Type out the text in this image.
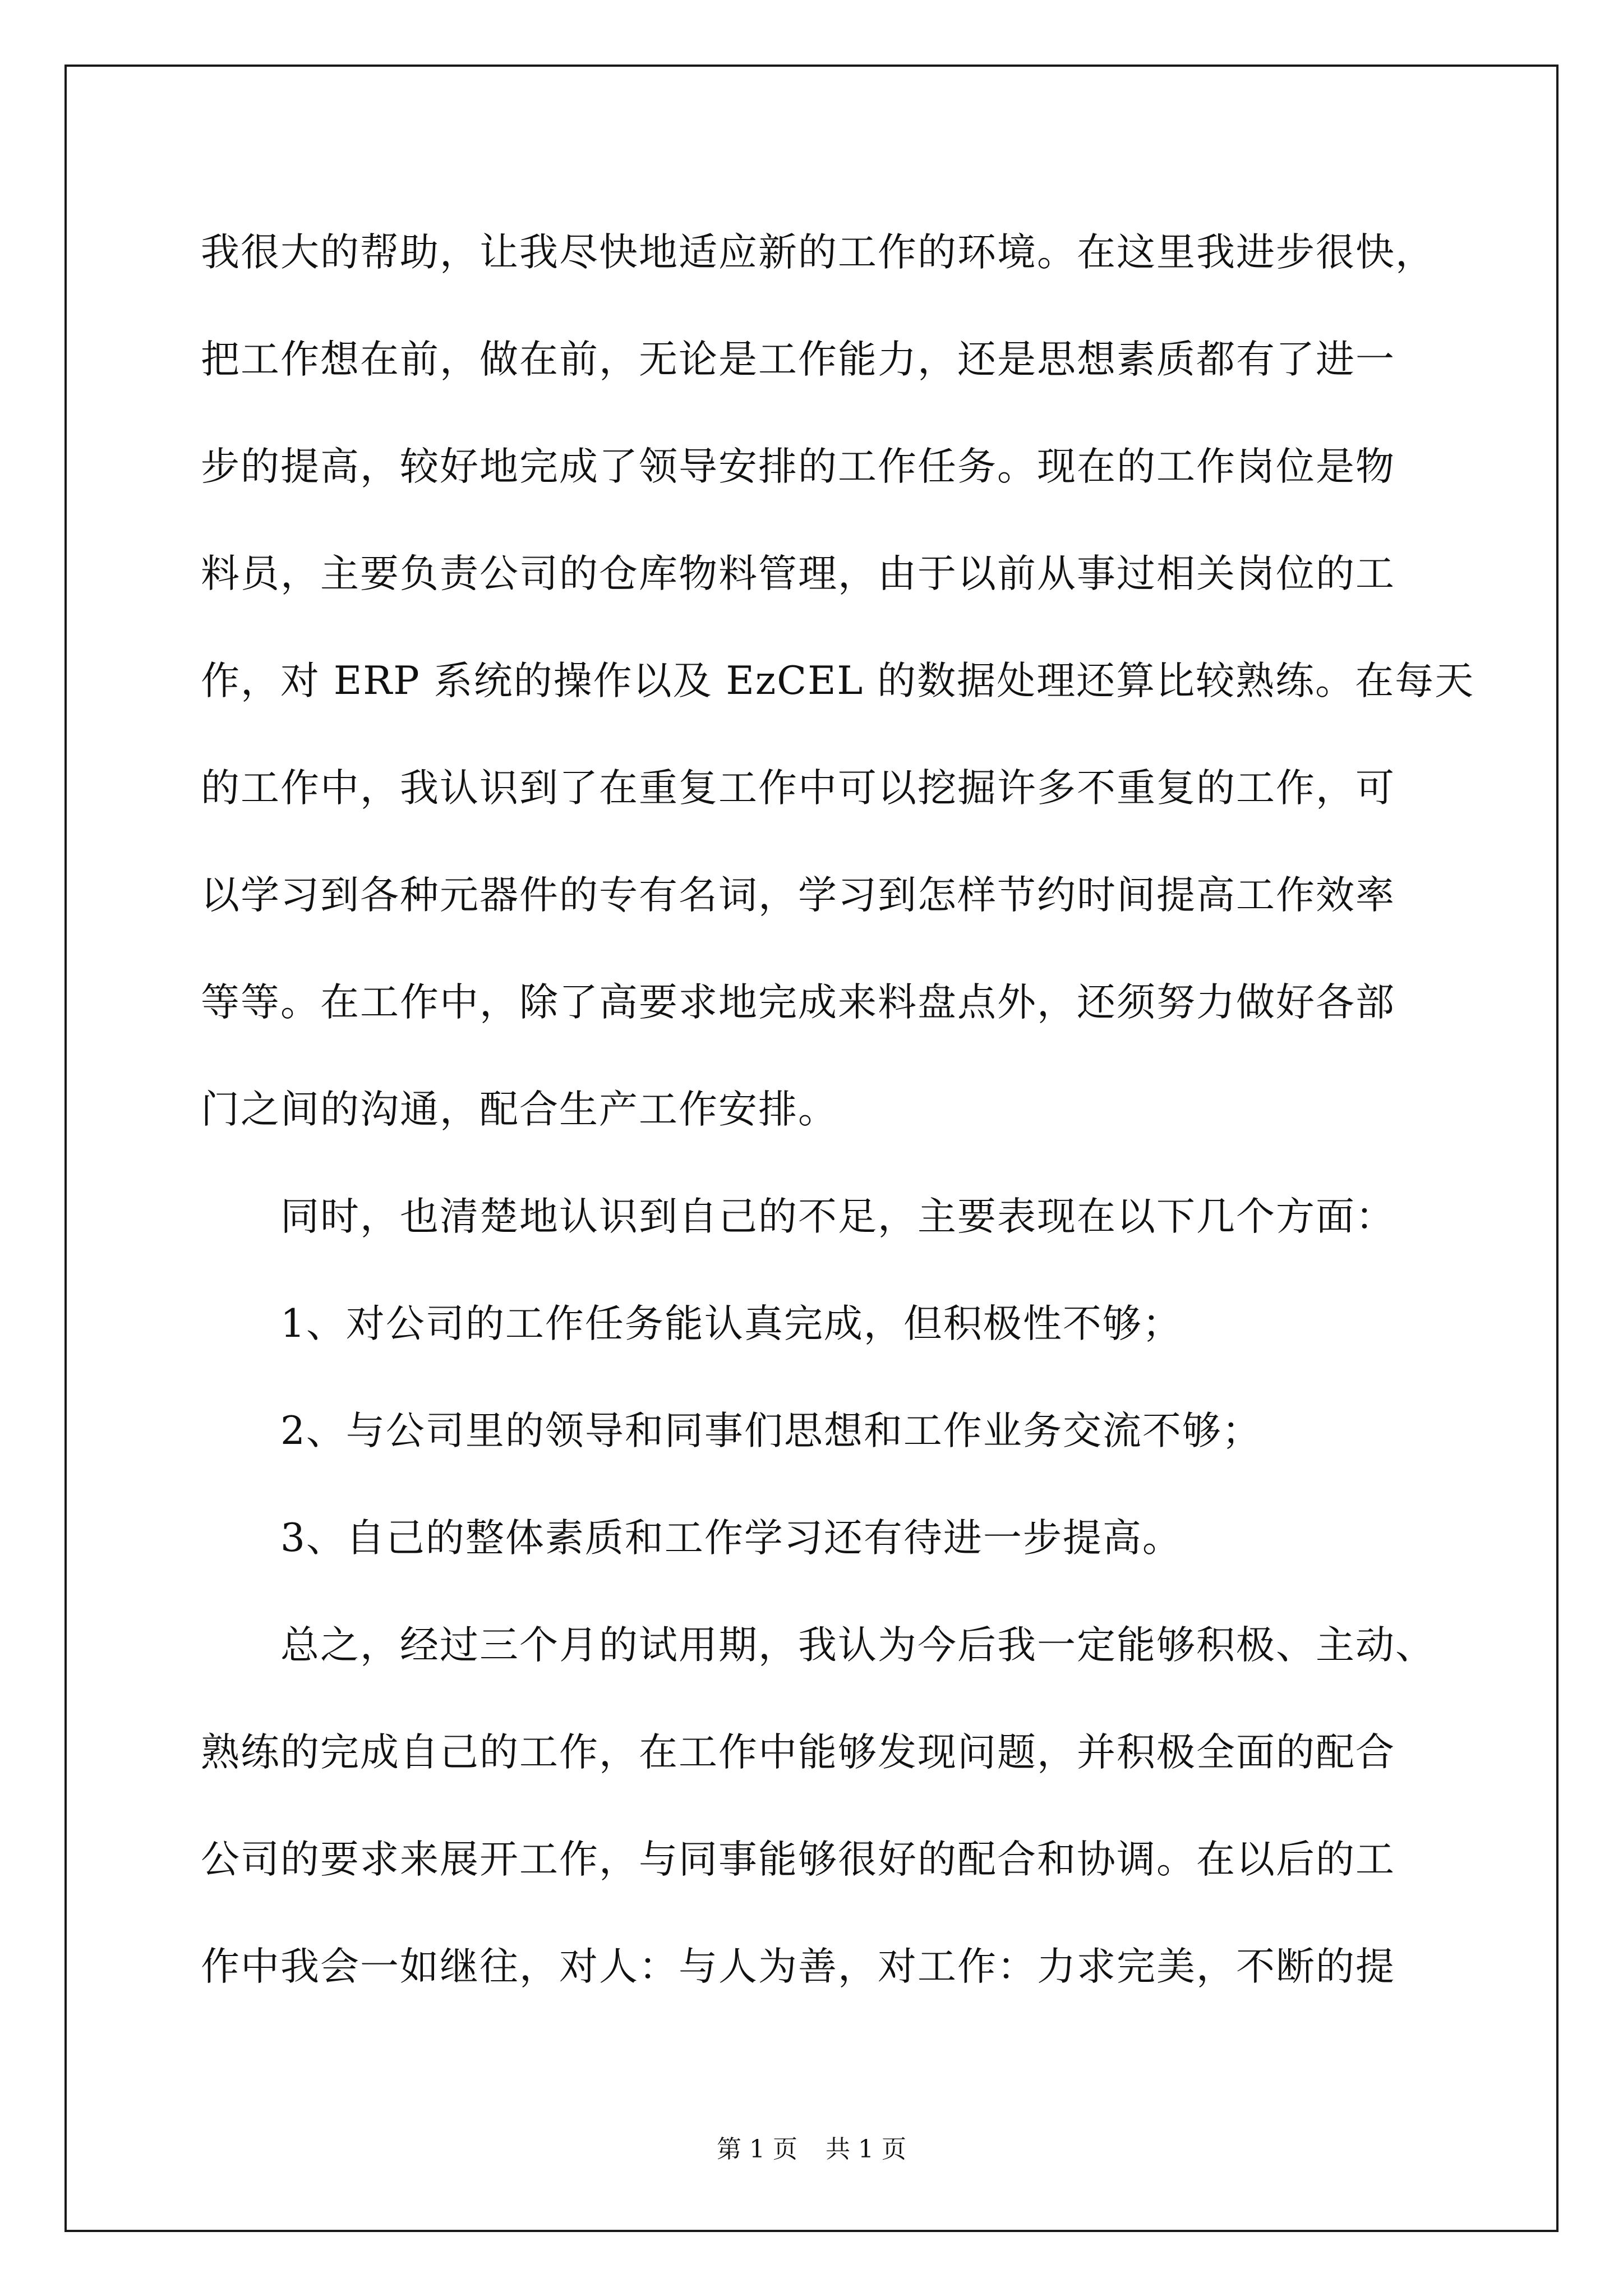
我很大的帮助，让我尽快地适应新的工作的环境。在这里我进步很快，
把工作想在前，做在前，无论是工作能力，还是思想素质都有了进一
步的提高，较好地完成了领导安排的工作任务。现在的工作岗位是物
料员，主要负责公司的仓库物料管理，由于以前从事过相关岗位的工
作，对 ERP 系统的操作以及 EzCEL 的数据处理还算比较熟练。在每天
的工作中，我认识到了在重复工作中可以挖掘许多不重复的工作，可
以学习到各种元器件的专有名词，学习到怎样节约时间提高工作效率
等等。在工作中，除了高要求地完成来料盘点外，还须努力做好各部
门之间的沟通，配合生产工作安排。
同时，也清楚地认识到自己的不足，主要表现在以下几个方面：
1、对公司的工作任务能认真完成，但积极性不够；
2、与公司里的领导和同事们思想和工作业务交流不够；
3、自己的整体素质和工作学习还有待进一步提高。
总之，经过三个月的试用期，我认为今后我一定能够积极、主动、
熟练的完成自己的工作，在工作中能够发现问题，并积极全面的配合
公司的要求来展开工作，与同事能够很好的配合和协调。在以后的工
作中我会一如继往，对人：与人为善，对工作：力求完美，不断的提
第 1 页 共 1 页
